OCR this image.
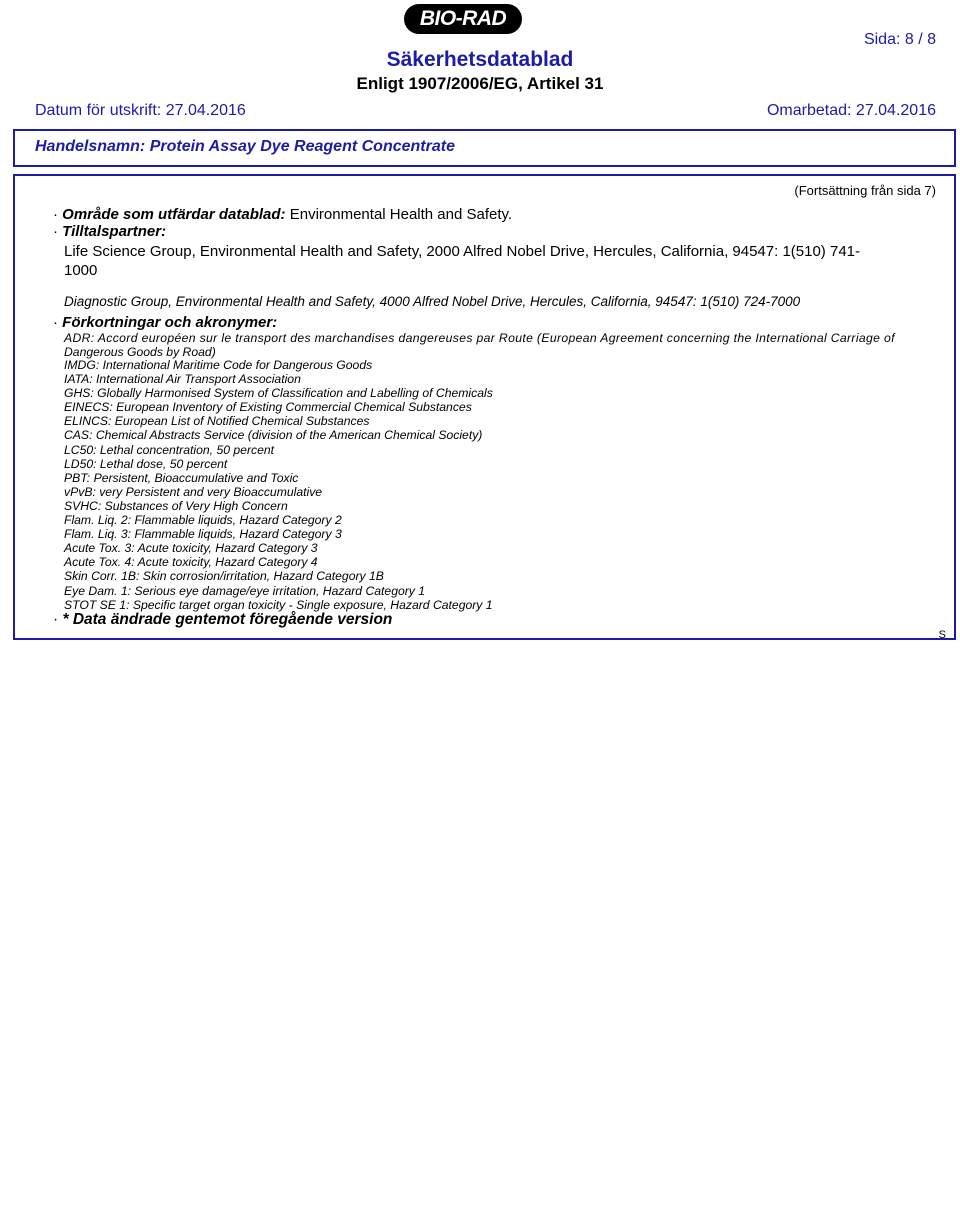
BIO-RAD
Sida: 8 / 8
Säkerhetsdatablad
Enligt 1907/2006/EG, Artikel 31
Datum för utskrift: 27.04.2016	Omarbetad: 27.04.2016
Handelsnamn: Protein Assay Dye Reagent Concentrate
(Fortsättning från sida 7)
· Område som utfärdar datablad: Environmental Health and Safety.
· Tilltalspartner:
Life Science Group, Environmental Health and Safety, 2000 Alfred Nobel Drive, Hercules, California, 94547: 1(510) 741-
1000
Diagnostic Group, Environmental Health and Safety, 4000 Alfred Nobel Drive, Hercules, California, 94547: 1(510) 724-7000
· Förkortningar och akronymer:
ADR: Accord européen sur le transport des marchandises dangereuses par Route (European Agreement concerning the International Carriage of
Dangerous Goods by Road)
IMDG: International Maritime Code for Dangerous Goods
IATA: International Air Transport Association
GHS: Globally Harmonised System of Classification and Labelling of Chemicals
EINECS: European Inventory of Existing Commercial Chemical Substances
ELINCS: European List of Notified Chemical Substances
CAS: Chemical Abstracts Service (division of the American Chemical Society)
LC50: Lethal concentration, 50 percent
LD50: Lethal dose, 50 percent
PBT: Persistent, Bioaccumulative and Toxic
vPvB: very Persistent and very Bioaccumulative
SVHC: Substances of Very High Concern
Flam. Liq. 2: Flammable liquids, Hazard Category 2
Flam. Liq. 3: Flammable liquids, Hazard Category 3
Acute Tox. 3: Acute toxicity, Hazard Category 3
Acute Tox. 4: Acute toxicity, Hazard Category 4
Skin Corr. 1B: Skin corrosion/irritation, Hazard Category 1B
Eye Dam. 1: Serious eye damage/eye irritation, Hazard Category 1
STOT SE 1: Specific target organ toxicity - Single exposure, Hazard Category 1
· * Data ändrade gentemot föregående version
S
